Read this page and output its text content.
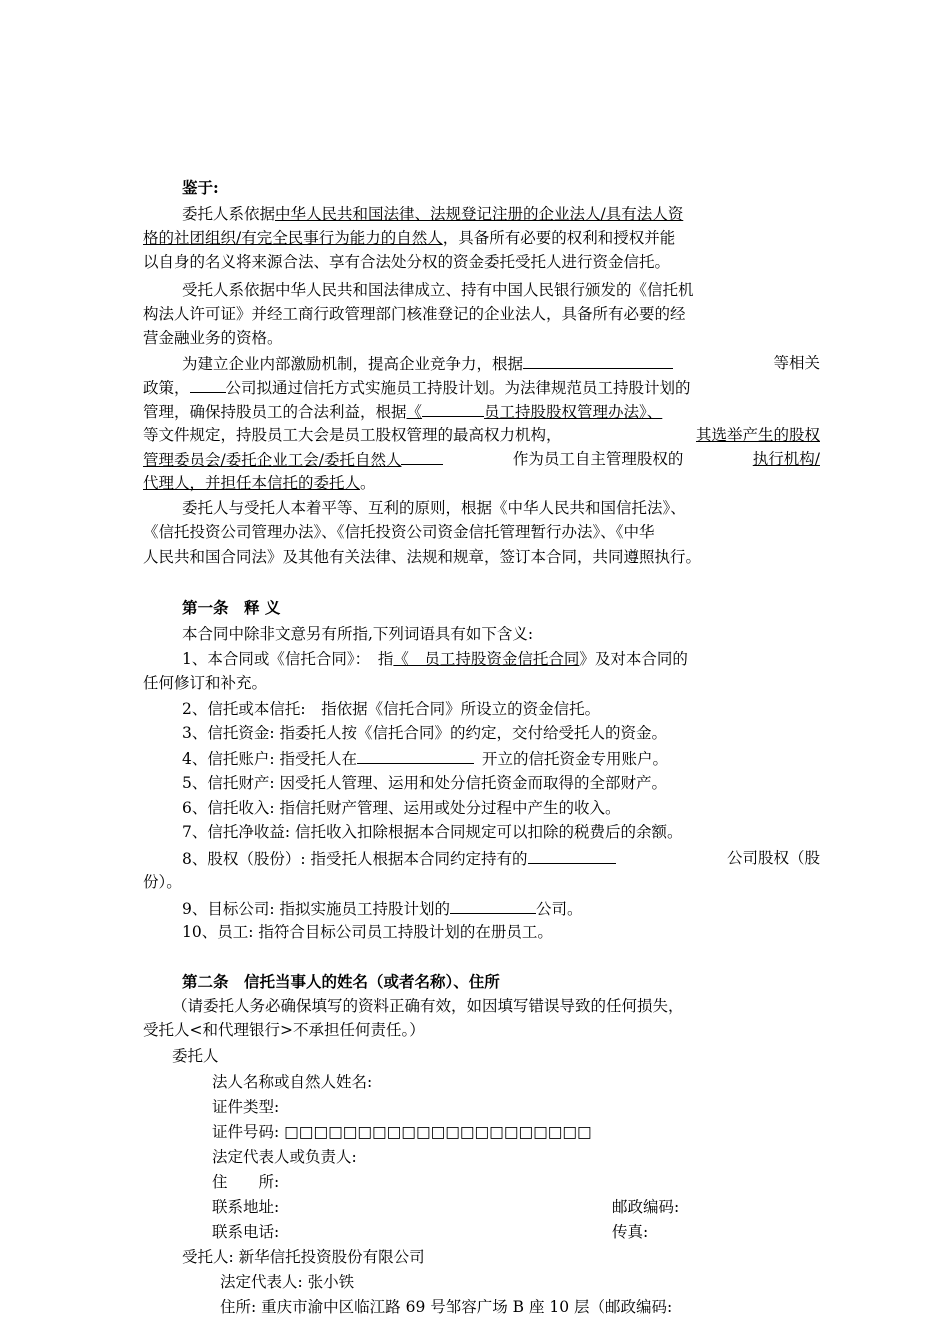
鉴于:
委托人系依据中华人民共和国法律、法规登记注册的企业法人/具有法人资
格的社团组织/有完全民事行为能力的自然人，具备所有必要的权利和授权并能
以自身的名义将来源合法、享有合法处分权的资金委托受托人进行资金信托。
受托人系依据中华人民共和国法律成立、持有中国人民银行颁发的《信托机
构法人许可证》并经工商行政管理部门核准登记的企业法人，具备所有必要的经
营金融业务的资格。
为建立企业内部激励机制，提高企业竞争力，根据	等相关
政策， 公司拟通过信托方式实施员工持股计划。为法律规范员工持股计划的
管理，确保持股员工的合法利益，根据《	员工持股股权管理办法》、
等文件规定，持股员工大会是员工股权管理的最高权力机构，	其选举产生的股权
管理委员会/委托企业工会/委托自然人	作为员工自主管理股权的	执行机构/
代理人，并担任本信托的委托人。
委托人与受托人本着平等、互利的原则，根据《中华人民共和国信托法》、
《信托投资公司管理办法》、《信托投资公司资金信托管理暂行办法》、《中华
人民共和国合同法》及其他有关法律、法规和规章，签订本合同，共同遵照执行。
第一条　释 义
本合同中除非文意另有所指,下列词语具有如下含义:
1、本合同或《信托合同》：　指《　员工持股资金信托合同》及对本合同的
任何修订和补充。
2、信托或本信托:　指依据《信托合同》所设立的资金信托。
3、信托资金: 指委托人按《信托合同》的约定，交付给受托人的资金。
4、信托账户: 指受托人在	开立的信托资金专用账户。
5、信托财产: 因受托人管理、运用和处分信托资金而取得的全部财产。
6、信托收入: 指信托财产管理、运用或处分过程中产生的收入。
7、信托净收益: 信托收入扣除根据本合同规定可以扣除的税费后的余额。
8、股权（股份）: 指受托人根据本合同约定持有的	公司股权（股
份）。
9、目标公司: 指拟实施员工持股计划的	公司。
10、员工: 指符合目标公司员工持股计划的在册员工。
第二条　信托当事人的姓名（或者名称）、住所
（请委托人务必确保填写的资料正确有效，如因填写错误导致的任何损失，
受托人<和代理银行>不承担任何责任。）
委托人
法人名称或自然人姓名:
证件类型:
证件号码: □□□□□□□□□□□□□□□□□□□□□
法定代表人或负责人:
住　　所:
联系地址:	邮政编码:
联系电话:	传真:
受托人: 新华信托投资股份有限公司
法定代表人: 张小铁
住所: 重庆市渝中区临江路 69 号邹容广场 B 座 10 层（邮政编码:
